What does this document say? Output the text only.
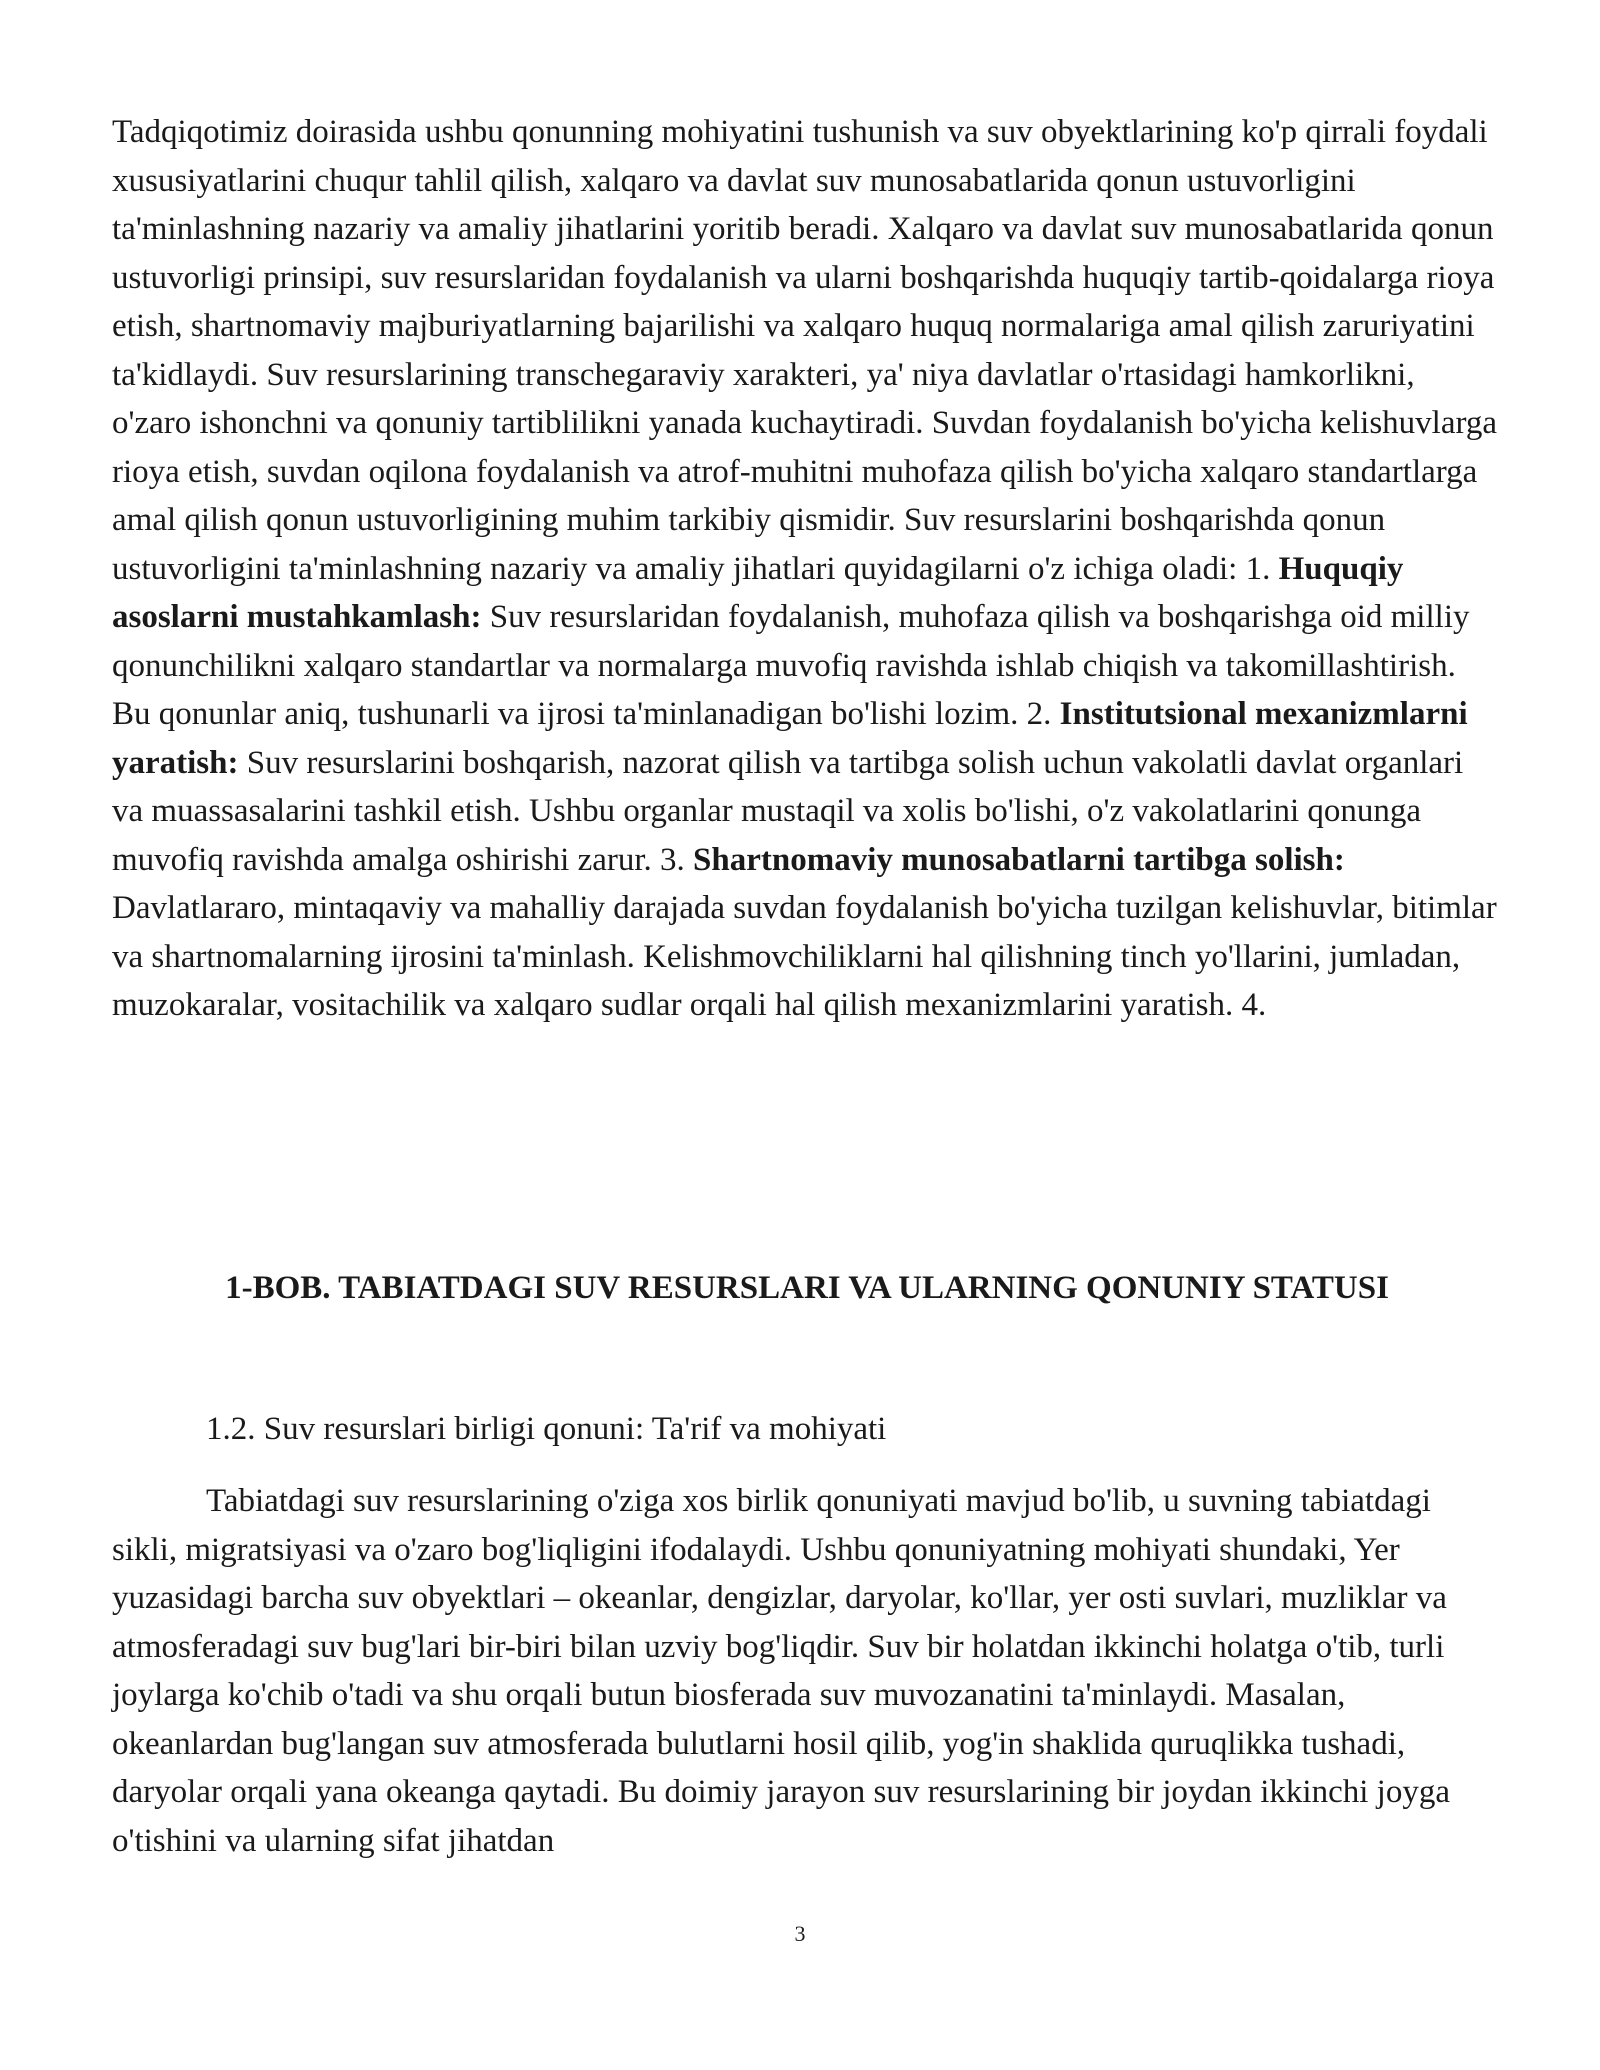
Tadqiqotimiz doirasida ushbu qonunning mohiyatini tushunish va suv obyektlarining ko'p qirrali foydali xususiyatlarini chuqur tahlil qilish, xalqaro va davlat suv munosabatlarida qonun ustuvorligini ta'minlashning nazariy va amaliy jihatlarini yoritib beradi. Xalqaro va davlat suv munosabatlarida qonun ustuvorligi prinsipi, suv resurslaridan foydalanish va ularni boshqarishda huquqiy tartib-qoidalarga rioya etish, shartnomaviy majburiyatlarning bajarilishi va xalqaro huquq normalariga amal qilish zaruriyatini ta'kidlaydi. Suv resurslarining transchegaraviy xarakteri, ya' niya davlatlar o'rtasidagi hamkorlikni, o'zaro ishonchni va qonuniy tartiblilikni yanada kuchaytiradi. Suvdan foydalanish bo'yicha kelishuvlarga rioya etish, suvdan oqilona foydalanish va atrof-muhitni muhofaza qilish bo'yicha xalqaro standartlarga amal qilish qonun ustuvorligining muhim tarkibiy qismidir. Suv resurslarini boshqarishda qonun ustuvorligini ta'minlashning nazariy va amaliy jihatlari quyidagilarni o'z ichiga oladi: 1. Huquqiy asoslarni mustahkamlash: Suv resurslaridan foydalanish, muhofaza qilish va boshqarishga oid milliy qonunchilikni xalqaro standartlar va normalarga muvofiq ravishda ishlab chiqish va takomillashtirish. Bu qonunlar aniq, tushunarli va ijrosi ta'minlanadigan bo'lishi lozim. 2. Institutsional mexanizmlarni yaratish: Suv resurslarini boshqarish, nazorat qilish va tartibga solish uchun vakolatli davlat organlari va muassasalarini tashkil etish. Ushbu organlar mustaqil va xolis bo'lishi, o'z vakolatlarini qonunga muvofiq ravishda amalga oshirishi zarur. 3. Shartnomaviy munosabatlarni tartibga solish: Davlatlararo, mintaqaviy va mahalliy darajada suvdan foydalanish bo'yicha tuzilgan kelishuvlar, bitimlar va shartnomalarning ijrosini ta'minlash. Kelishmovchiliklarni hal qilishning tinch yo'llarini, jumladan, muzokaralar, vositachilik va xalqaro sudlar orqali hal qilish mexanizmlarini yaratish. 4.

1-BOB. TABIATDAGI SUV RESURSLARI VA ULARNING QONUNIY STATUSI

1.2. Suv resurslari birligi qonuni: Ta'rif va mohiyati

Tabiatdagi suv resurslarining o'ziga xos birlik qonuniyati mavjud bo'lib, u suvning tabiatdagi sikli, migratsiyasi va o'zaro bog'liqligini ifodalaydi. Ushbu qonuniyatning mohiyati shundaki, Yer yuzasidagi barcha suv obyektlari – okeanlar, dengizlar, daryolar, ko'llar, yer osti suvlari, muzliklar va atmosferadagi suv bug'lari bir-biri bilan uzviy bog'liqdir. Suv bir holatdan ikkinchi holatga o'tib, turli joylarga ko'chib o'tadi va shu orqali butun biosferada suv muvozanatini ta'minlaydi. Masalan, okeanlardan bug'langan suv atmosferada bulutlarni hosil qilib, yog'in shaklida quruqlikka tushadi, daryolar orqali yana okeanga qaytadi. Bu doimiy jarayon suv resurslarining bir joydan ikkinchi joyga o'tishini va ularning sifat jihatdan

3
